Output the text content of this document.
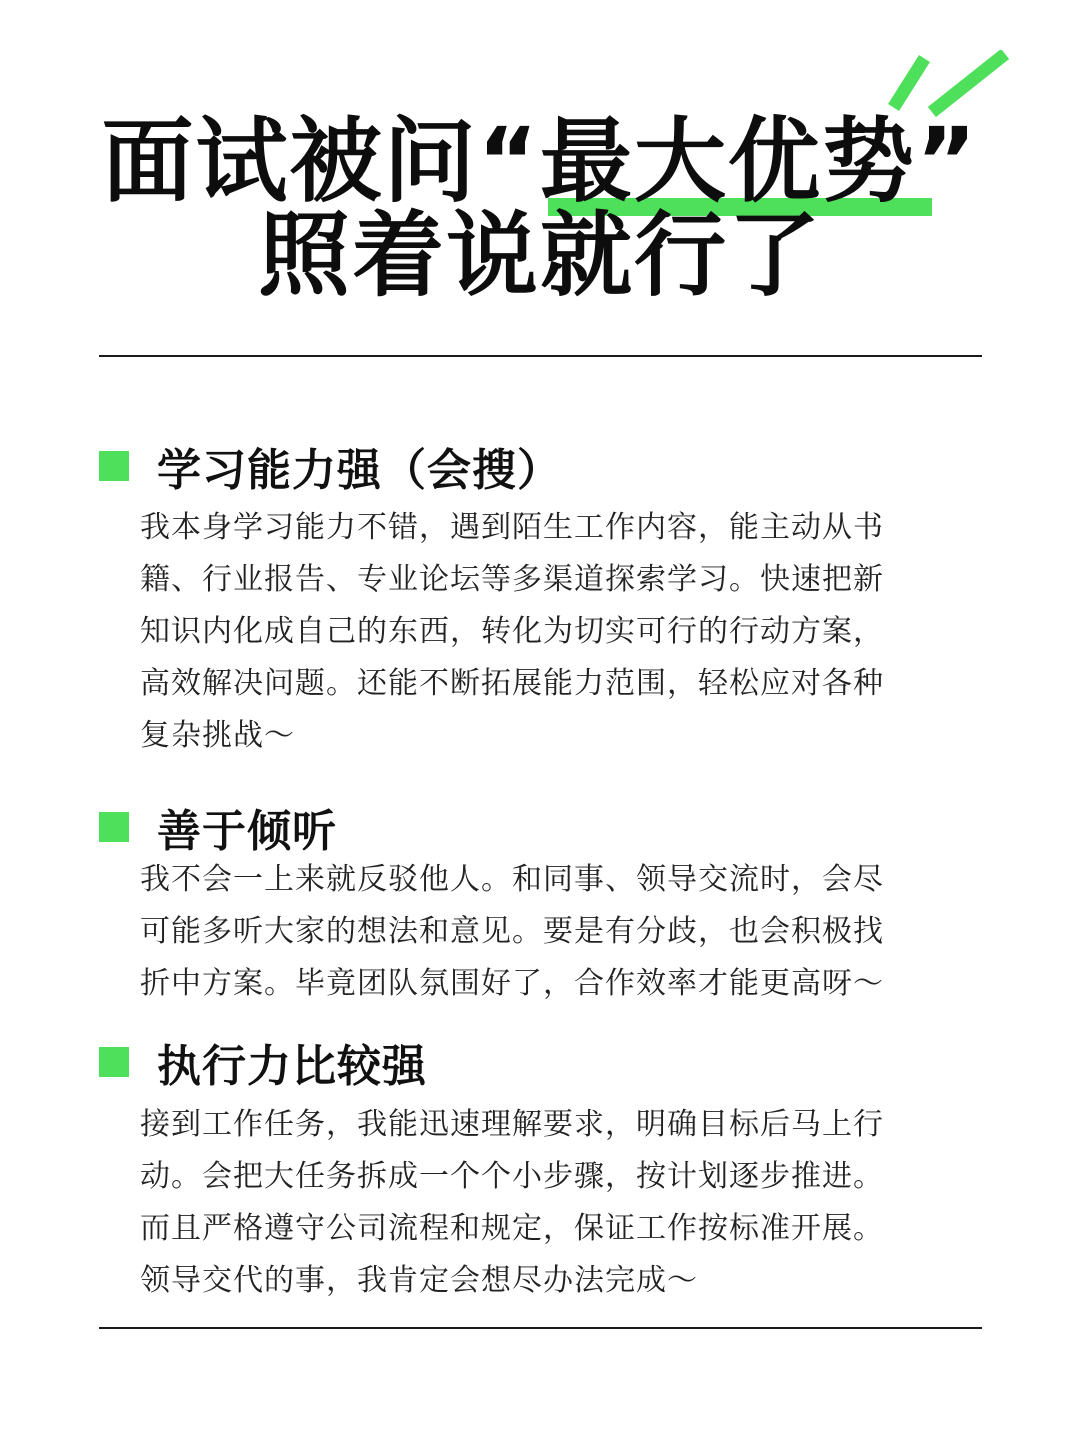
面试被问“
最大优势”
照着说就行了
学习能力强（会搜）
我本身学习能力不错，遇到陌生工作内容，能主动从书籍、行业报告、专业论坛等多渠道探索学习。快速把新知识内化成自己的东西，转化为切实可行的行动方案，高效解决问题。还能不断拓展能力范围，轻松应对各种复杂挑战～
善于倾听
我不会一上来就反驳他人。和同事、领导交流时，会尽可能多听大家的想法和意见。要是有分歧，也会积极找折中方案。毕竟团队氛围好了，合作效率才能更高呀～
执行力比较强
接到工作任务，我能迅速理解要求，明确目标后马上行动。会把大任务拆成一个个小步骤，按计划逐步推进。而且严格遵守公司流程和规定，保证工作按标准开展。领导交代的事，我肯定会想尽办法完成～
